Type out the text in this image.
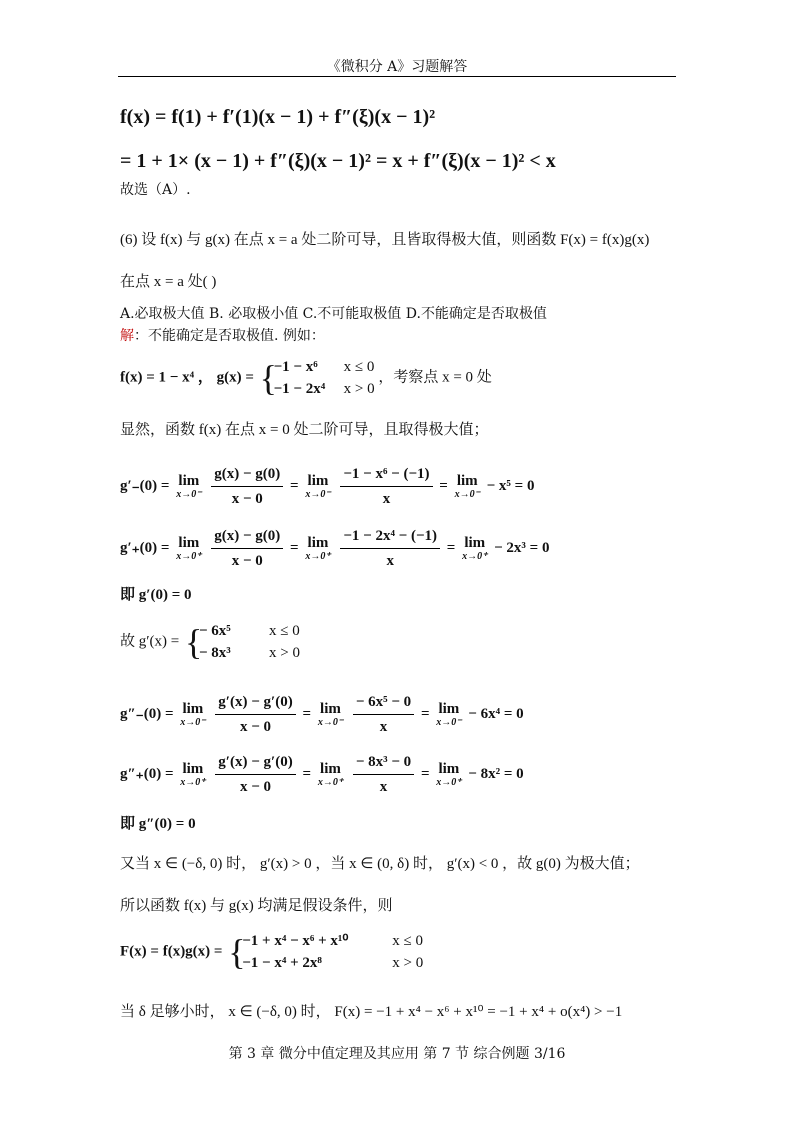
《微积分 A》习题解答
f(x) = f(1) + f′(1)(x − 1) + f″(ξ)(x − 1)²
= 1 + 1× (x − 1) + f″(ξ)(x − 1)² = x + f″(ξ)(x − 1)² < x
故选（A）.
(6) 设 f(x) 与 g(x) 在点 x = a 处二阶可导，且皆取得极大值，则函数 F(x) = f(x)g(x)
在点 x = a 处( )
A.必取极大值 B. 必取极小值 C.不可能取极值 D.不能确定是否取极值
解：不能确定是否取极值. 例如：
f(x) = 1 − x⁴ ， g(x) = {
−1 − x⁶ x ≤ 0
−1 − 2x⁴ x > 0
，考察点 x = 0 处
显然，函数 f(x) 在点 x = 0 处二阶可导，且取得极大值；
g′₋(0) = lim
x→0⁻
$\frac{g(x) - g(0)}{x - 0} = \lim$
x→0⁻
$\frac{\text{−1 − x⁶ − (−1)}}{x} = \lim$
x→0⁻
− x⁵ = 0
g′₊(0) = lim
x→0⁺
$\frac{g(x) - g(0)}{x - 0} = \lim$
x→0⁺
$\frac{\text{−1 − 2x⁴ − (−1)}}{x} = \lim$
x→0⁺
− 2x³ = 0
即 g′(0) = 0
故 g′(x) = {
− 6x⁵	x ≤ 0
− 8x³	x > 0
g″₋(0) = lim
x→0⁻
$\frac{g'(x) - g'(0)}{x - 0} = \lim$
x→0⁻
$\frac{\text{− 6x⁵ − 0}}{x} = \lim$
x→0⁻
− 6x⁴ = 0
g″₊(0) = lim
x→0⁺
$\frac{g'(x) - g'(0)}{x - 0} = \lim$
x→0⁺
$\frac{\text{− 8x³ − 0}}{x} = \lim$
x→0⁺
− 8x² = 0
即 g″(0) = 0
又当 x ∈ (−δ, 0) 时， g′(x) > 0 ，当 x ∈ (0, δ) 时， g′(x) < 0 ，故 g(0) 为极大值；
所以函数 f(x) 与 g(x) 均满足假设条件，则
F(x) = f(x)g(x) = {
−1 + x⁴ − x⁶ + x¹⁰	x ≤ 0
−1 − x⁴ + 2x⁸	x > 0
当 δ 足够小时， x ∈ (−δ, 0) 时， F(x) = −1 + x⁴ − x⁶ + x¹⁰ = −1 + x⁴ + o(x⁴) > −1
第 3 章 微分中值定理及其应用 第 7 节 综合例题 3/16
